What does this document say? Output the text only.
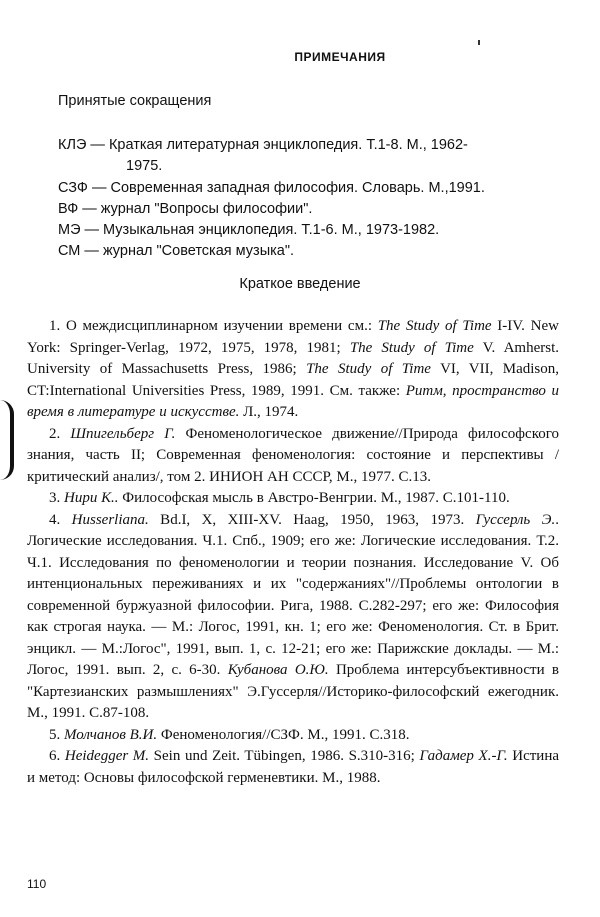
ПРИМЕЧАНИЯ
Принятые сокращения
КЛЭ — Краткая литературная энциклопедия. Т.1-8. М., 1962-
1975.
СЗФ — Современная западная философия. Словарь. М.,1991.
ВФ — журнал "Вопросы философии".
МЭ — Музыкальная энциклопедия. Т.1-6. М., 1973-1982.
СМ — журнал "Советская музыка".
Краткое введение

1. О междисциплинарном изучении времени см.: The Study of Time I-IV. New York: Springer-Verlag, 1972, 1975, 1978, 1981; The Study of Time V. Amherst. University of Massachusetts Press, 1986; The Study of Time VI, VII, Madison, CT:International Universities Press, 1989, 1991. См. также: Ритм, пространство и время в литературе и искусстве. Л., 1974.

2. Шпигельберг Г. Феноменологическое движение//Природа философского знания, часть II; Современная феноменология: состояние и перспективы /критический анализ/, том 2. ИНИОН АН СССР, М., 1977. С.13.

3. Нири К.. Философская мысль в Австро-Венгрии. М., 1987. С.101-110.

4. Husserliana. Bd.I, X, XIII-XV. Haag, 1950, 1963, 1973. Гуссерль Э.. Логические исследования. Ч.1. Спб., 1909; его же: Логические исследования. Т.2. Ч.1. Исследования по феноменологии и теории познания. Исследование V. Об интенциональных переживаниях и их "содержаниях"//Проблемы онтологии в современной буржуазной философии. Рига, 1988. С.282-297; его же: Философия как строгая наука. — М.: Логос, 1991, кн. 1; его же: Феноменология. Ст. в Брит. энцикл. — М.:Логос", 1991, вып. 1, с. 12-21; его же: Парижские доклады. — М.: Логос, 1991. вып. 2, с. 6-30. Кубанова О.Ю. Проблема интерсубъективности в "Картезианских размышлениях" Э.Гуссерля//Историко-философский ежегодник. М., 1991. С.87-108.

5. Молчанов В.И. Феноменология//СЗФ. М., 1991. С.318.

6. Heidegger M. Sein und Zeit. Tübingen, 1986. S.310-316; Гадамер Х.-Г. Истина и метод: Основы философской герменевтики. М., 1988.

110
